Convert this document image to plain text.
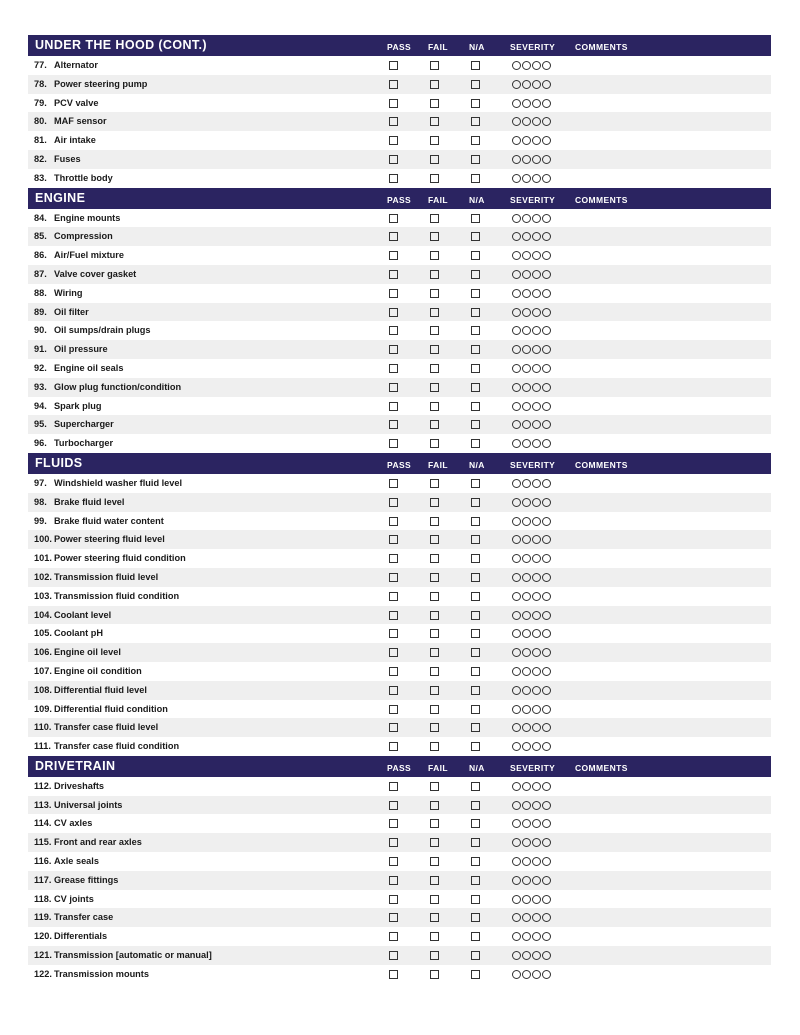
UNDER THE HOOD (CONT.)	PASS FAIL N/A	SEVERITY COMMENTS
77. Alternator
78. Power steering pump
79. PCV valve
80. MAF sensor
81. Air intake
82. Fuses
83. Throttle body
ENGINE	PASS FAIL N/A	SEVERITY COMMENTS
84. Engine mounts
85. Compression
86. Air/Fuel mixture
87. Valve cover gasket
88. Wiring
89. Oil filter
90. Oil sumps/drain plugs
91. Oil pressure
92. Engine oil seals
93. Glow plug function/condition
94. Spark plug
95. Supercharger
96. Turbocharger
FLUIDS	PASS FAIL N/A	SEVERITY COMMENTS
97. Windshield washer fluid level
98. Brake fluid level
99. Brake fluid water content
100. Power steering fluid level
101. Power steering fluid condition
102. Transmission fluid level
103. Transmission fluid condition
104. Coolant level
105. Coolant pH
106. Engine oil level
107. Engine oil condition
108. Differential fluid level
109. Differential fluid condition
110. Transfer case fluid level
111. Transfer case fluid condition
DRIVETRAIN	PASS FAIL N/A	SEVERITY COMMENTS
112. Driveshafts
113. Universal joints
114. CV axles
115. Front and rear axles
116. Axle seals
117. Grease fittings
118. CV joints
119. Transfer case
120. Differentials
121. Transmission [automatic or manual]
122. Transmission mounts
